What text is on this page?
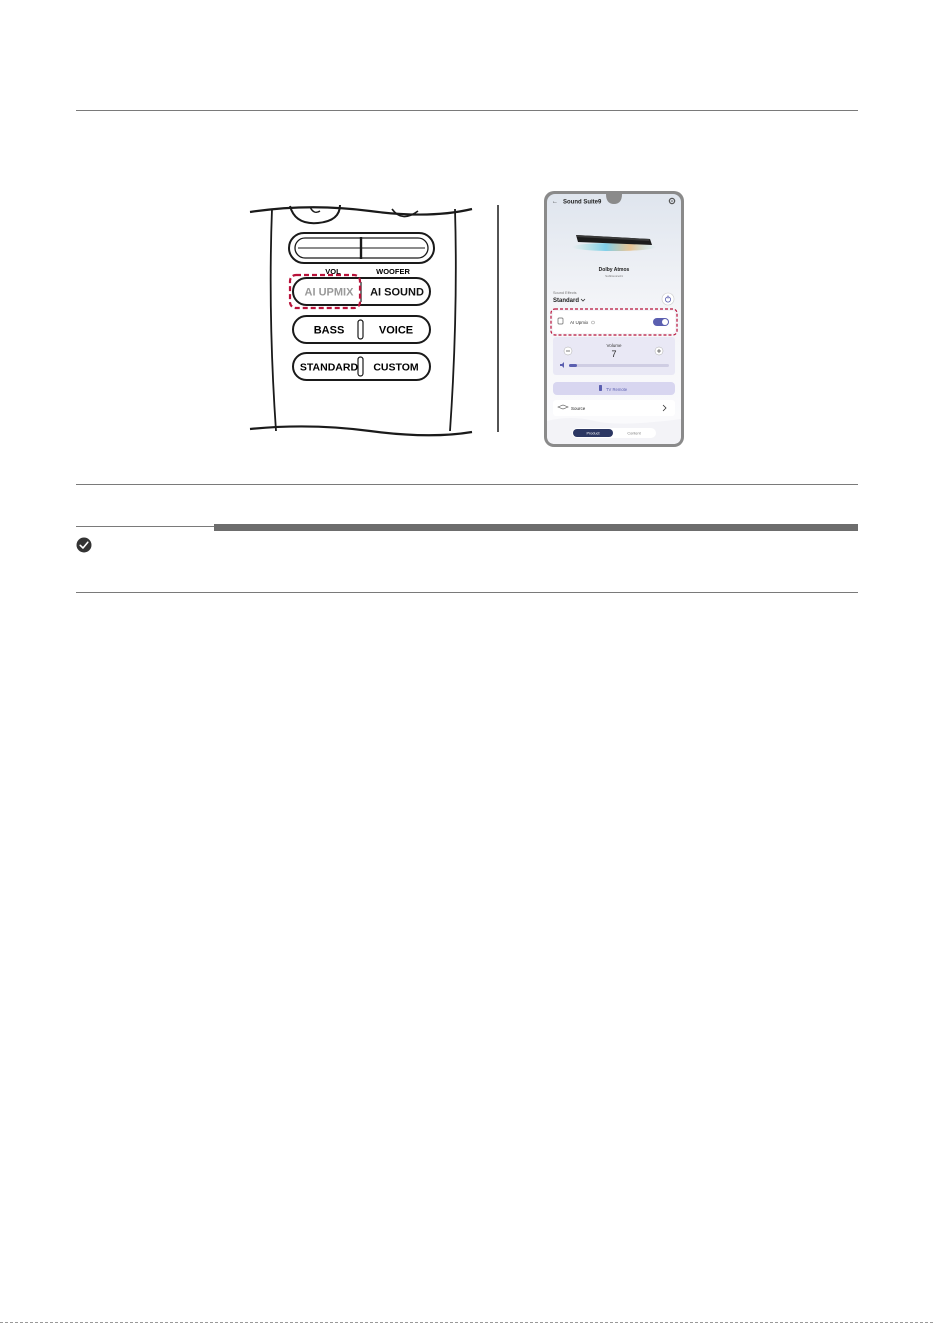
VOL	WOOFER
AI UPMIX AI SOUND
BASS	VOICE
STANDARD CUSTOM
← Sound Suite9
Dolby Atmos
SubDevice01
Sound Effects
Standard
AI Upmix
Volume
7
TV Remote
Source
Product	Content
